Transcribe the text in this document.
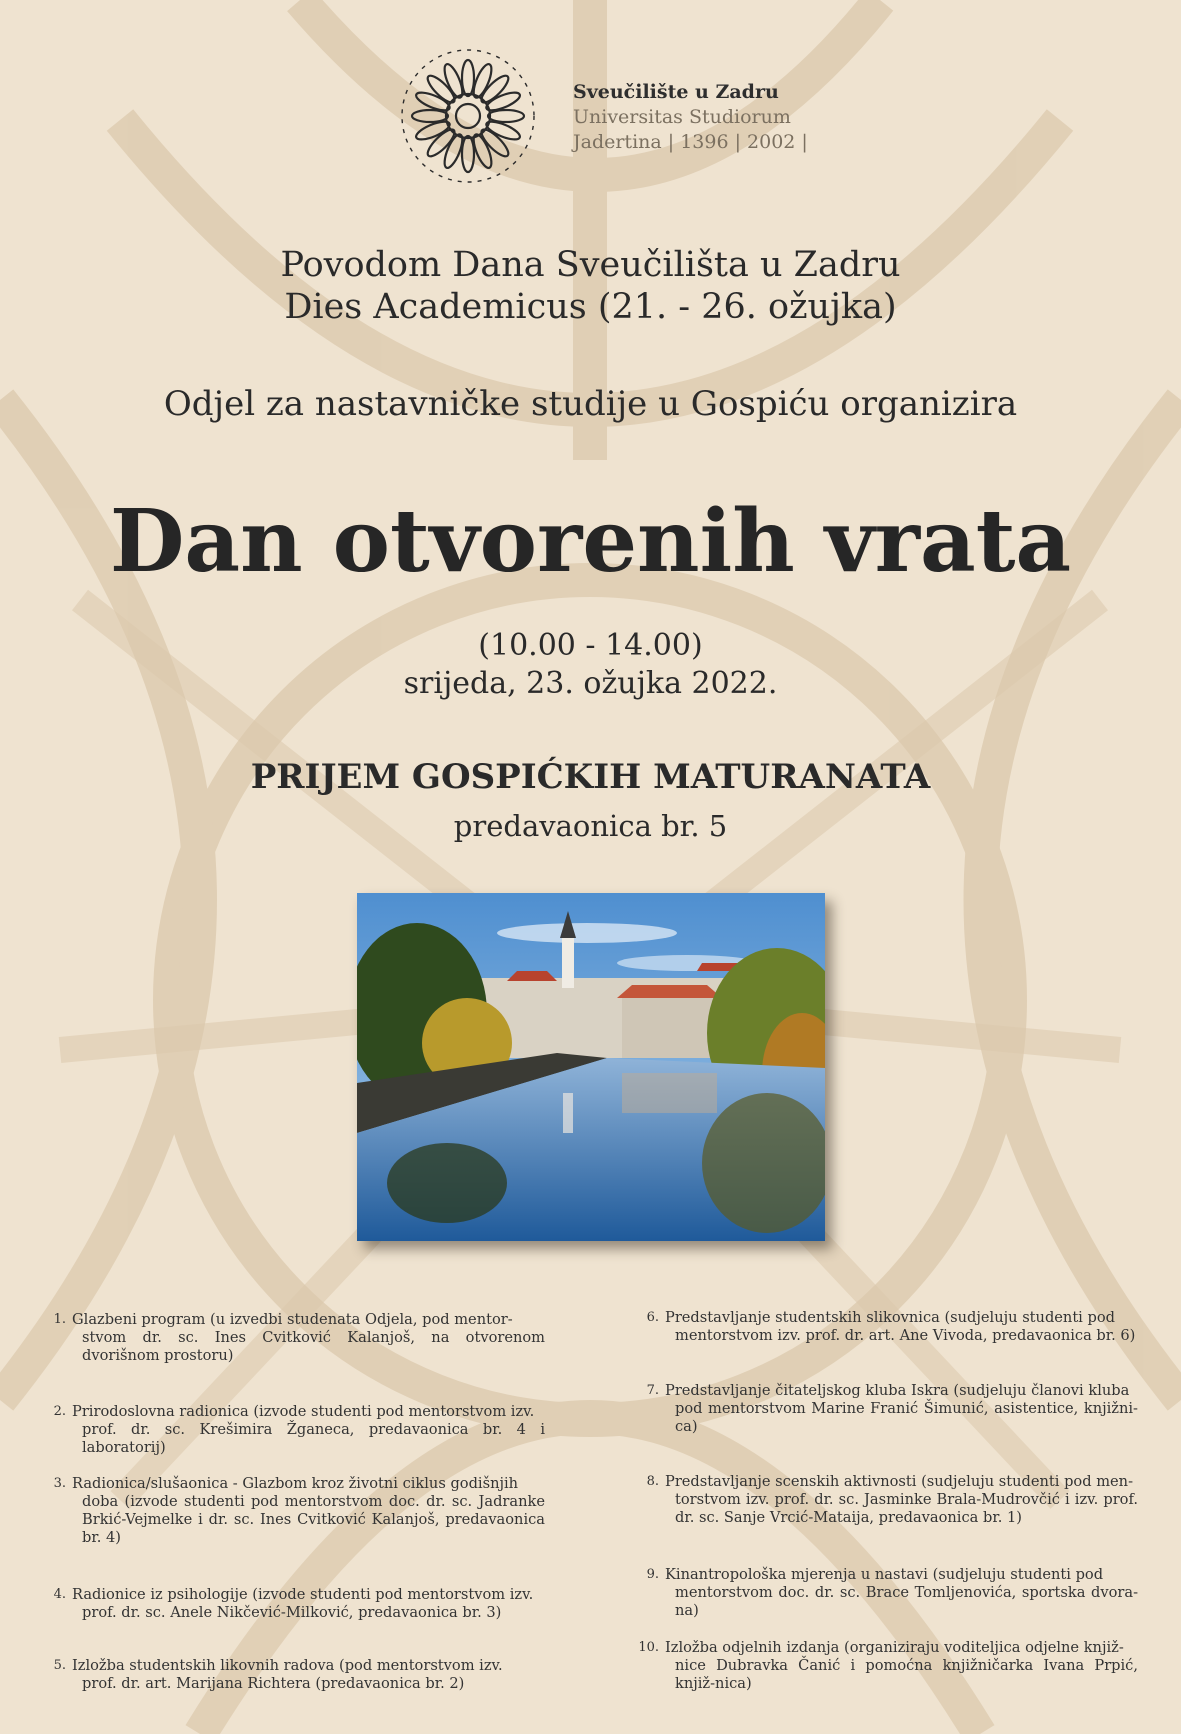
Sveučilište u Zadru
Universitas Studiorum
Jadertina | 1396 | 2002 |
Povodom Dana Sveučilišta u Zadru
Dies Academicus (21. - 26. ožujka)
Odjel za nastavničke studije u Gospiću organizira
Dan otvorenih vrata
(10.00 - 14.00)
srijeda, 23. ožujka 2022.
PRIJEM GOSPIĆKIH MATURANATA
predavaonica br. 5
1. Glazbeni program (u izvedbi studenata Odjela, pod mentor-
stvom dr. sc. Ines Cvitković Kalanjoš, na otvorenom dvorišnom prostoru)
2. Prirodoslovna radionica (izvode studenti pod mentorstvom izv.
prof. dr. sc. Krešimira Žganeca, predavaonica br. 4 i laboratorij)
3. Radionica/slušaonica - Glazbom kroz životni ciklus godišnjih
doba (izvode studenti pod mentorstvom doc. dr. sc. Jadranke Brkić-Vejmelke i dr. sc. Ines Cvitković Kalanjoš, predavaonica br. 4)
4. Radionice iz psihologije (izvode studenti pod mentorstvom izv.
prof. dr. sc. Anele Nikčević-Milković, predavaonica br. 3)
5. Izložba studentskih likovnih radova (pod mentorstvom izv.
prof. dr. art. Marijana Richtera (predavaonica br. 2)
6. Predstavljanje studentskih slikovnica (sudjeluju studenti pod
mentorstvom izv. prof. dr. art. Ane Vivoda, predavaonica br. 6)
7. Predstavljanje čitateljskog kluba Iskra (sudjeluju članovi kluba
pod mentorstvom Marine Franić Šimunić, asistentice, knjižni-ca)
8. Predstavljanje scenskih aktivnosti (sudjeluju studenti pod men-
torstvom izv. prof. dr. sc. Jasminke Brala-Mudrovčić i izv. prof. dr. sc. Sanje Vrcić-Mataija, predavaonica br. 1)
9. Kinantropološka mjerenja u nastavi (sudjeluju studenti pod
mentorstvom doc. dr. sc. Brace Tomljenovića, sportska dvora-na)
10. Izložba odjelnih izdanja (organiziraju voditeljica odjelne knjiž-
nice Dubravka Čanić i pomoćna knjižničarka Ivana Prpić, knjiž-nica)
